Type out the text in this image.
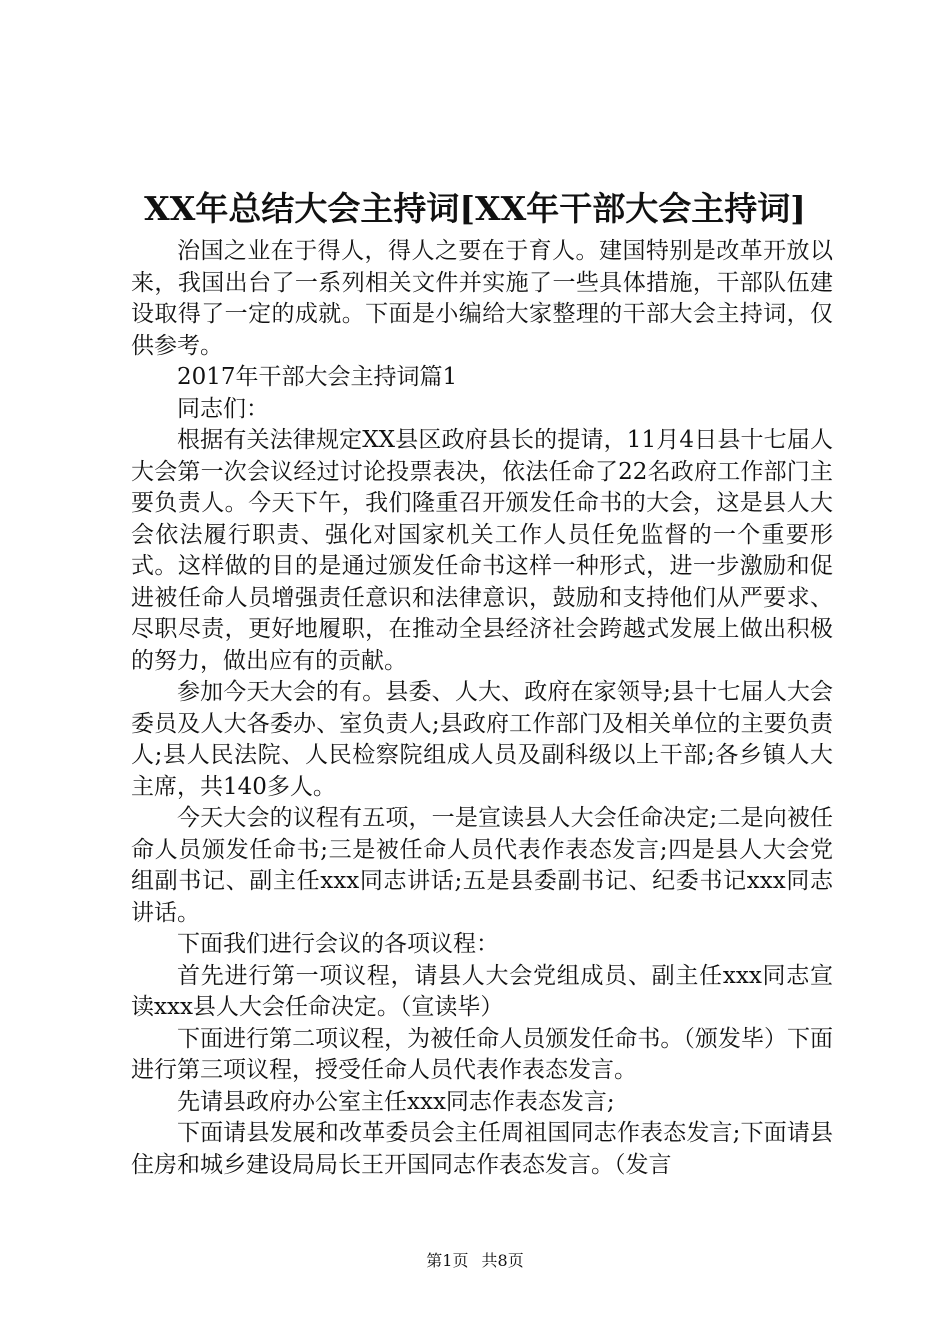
XX年总结大会主持词[XX年干部大会主持词]

治国之业在于得人，得人之要在于育人。建国特别是改革开放以来，我国出台了一系列相关文件并实施了一些具体措施，干部队伍建设取得了一定的成就。下面是小编给大家整理的干部大会主持词，仅供参考。

2017年干部大会主持词篇1

同志们：

根据有关法律规定XX县区政府县长的提请，11月4日县十七届人大会第一次会议经过讨论投票表决，依法任命了22名政府工作部门主要负责人。今天下午，我们隆重召开颁发任命书的大会，这是县人大会依法履行职责、强化对国家机关工作人员任免监督的一个重要形式。这样做的目的是通过颁发任命书这样一种形式，进一步激励和促进被任命人员增强责任意识和法律意识，鼓励和支持他们从严要求、尽职尽责，更好地履职，在推动全县经济社会跨越式发展上做出积极的努力，做出应有的贡献。

参加今天大会的有。县委、人大、政府在家领导;县十七届人大会委员及人大各委办、室负责人;县政府工作部门及相关单位的主要负责人;县人民法院、人民检察院组成人员及副科级以上干部;各乡镇人大主席，共140多人。

今天大会的议程有五项，一是宣读县人大会任命决定;二是向被任命人员颁发任命书;三是被任命人员代表作表态发言;四是县人大会党组副书记、副主任xxx同志讲话;五是县委副书记、纪委书记xxx同志讲话。

下面我们进行会议的各项议程：

首先进行第一项议程，请县人大会党组成员、副主任xxx同志宣读xxx县人大会任命决定。（宣读毕）

下面进行第二项议程，为被任命人员颁发任命书。（颁发毕）下面进行第三项议程，授受任命人员代表作表态发言。

先请县政府办公室主任xxx同志作表态发言;

下面请县发展和改革委员会主任周祖国同志作表态发言;下面请县住房和城乡建设局局长王开国同志作表态发言。（发言

第1页 共8页
